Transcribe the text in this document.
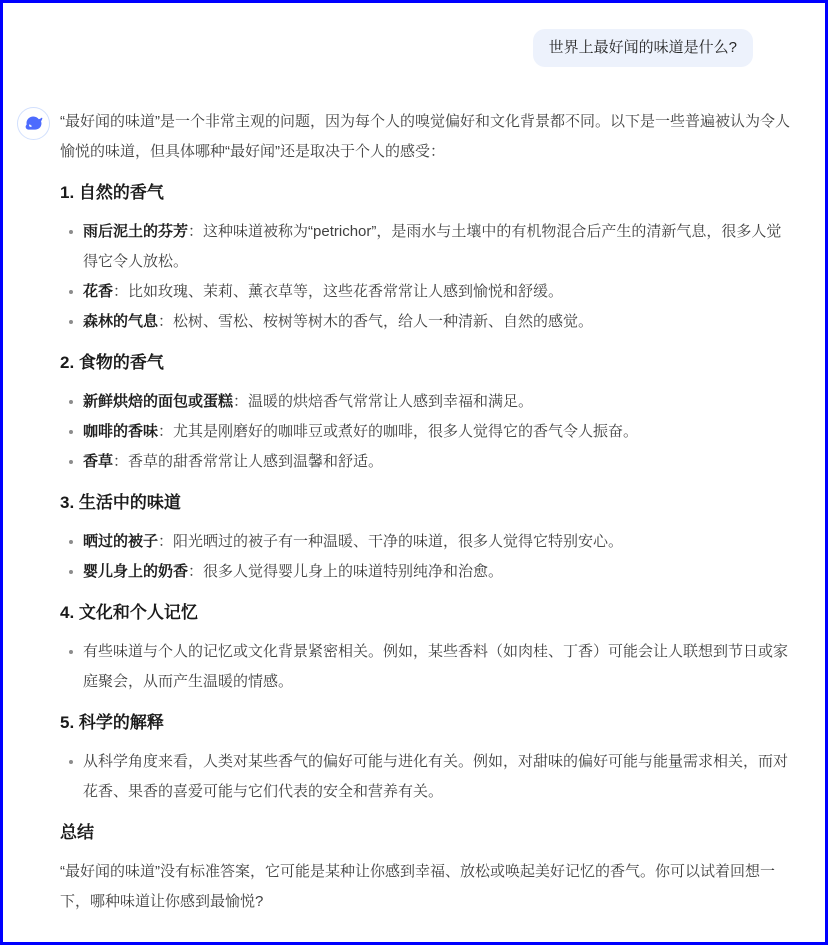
世界上最好闻的味道是什么?

“最好闻的味道”是一个非常主观的问题，因为每个人的嗅觉偏好和文化背景都不同。以下是一些普遍被认为令人愉悦的味道，但具体哪种“最好闻”还是取决于个人的感受：

1. 自然的香气
雨后泥土的芬芳：这种味道被称为“petrichor”，是雨水与土壤中的有机物混合后产生的清新气息，很多人觉得它令人放松。
花香：比如玫瑰、茉莉、薰衣草等，这些花香常常让人感到愉悦和舒缓。
森林的气息：松树、雪松、桉树等树木的香气，给人一种清新、自然的感觉。
2. 食物的香气
新鲜烘焙的面包或蛋糕：温暖的烘焙香气常常让人感到幸福和满足。
咖啡的香味：尤其是刚磨好的咖啡豆或煮好的咖啡，很多人觉得它的香气令人振奋。
香草：香草的甜香常常让人感到温馨和舒适。
3. 生活中的味道
晒过的被子：阳光晒过的被子有一种温暖、干净的味道，很多人觉得它特别安心。
婴儿身上的奶香：很多人觉得婴儿身上的味道特别纯净和治愈。
4. 文化和个人记忆
有些味道与个人的记忆或文化背景紧密相关。例如，某些香料（如肉桂、丁香）可能会让人联想到节日或家庭聚会，从而产生温暖的情感。
5. 科学的解释
从科学角度来看，人类对某些香气的偏好可能与进化有关。例如，对甜味的偏好可能与能量需求相关，而对花香、果香的喜爱可能与它们代表的安全和营养有关。
总结

“最好闻的味道”没有标准答案，它可能是某种让你感到幸福、放松或唤起美好记忆的香气。你可以试着回想一下，哪种味道让你感到最愉悦?
